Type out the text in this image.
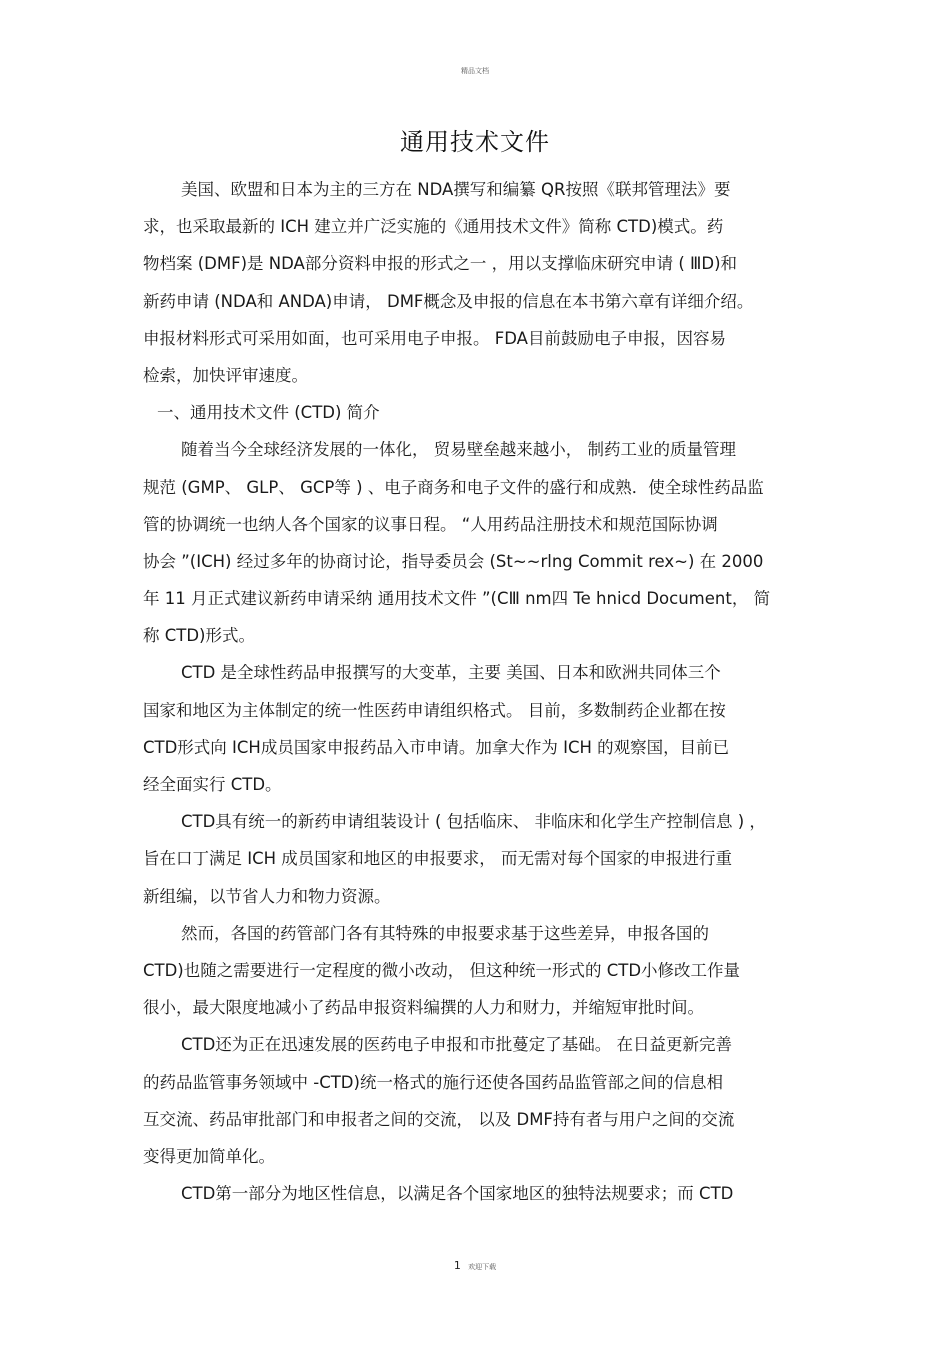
精品文档
通用技术文件
美国、欧盟和日本为主的三方在 NDA撰写和编纂 QR按照《联邦管理法》要
求，也采取最新的 ICH 建立并广泛实施的《通用技术文件》简称 CTD)模式。药
物档案 (DMF)是 NDA部分资料申报的形式之一 ，用以支撑临床研究申请 ( ⅢD)和
新药申请 (NDA和 ANDA)申请， DMF概念及申报的信息在本书第六章有详细介绍。
申报材料形式可采用如面，也可采用电子申报。 FDA目前鼓励电子申报，因容易
检索，加快评审速度。
一、通用技术文件 (CTD) 简介
随着当今全球经济发展的一体化， 贸易壁垒越来越小， 制药工业的质量管理
规范 (GMP、 GLP、 GCP等 ) 、电子商务和电子文件的盛行和成熟．使全球性药品监
管的协调统一也纳人各个国家的议事日程。 “人用药品注册技术和规范国际协调
协会 ”(ICH) 经过多年的协商讨论，指导委员会 (St~~rlng Commit rex~) 在 2000
年 11 月正式建议新药申请采纳 通用技术文件 ”(CⅢ nm四 Te hnicd Document， 简
称 CTD)形式。
CTD 是全球性药品申报撰写的大变革，主要 美国、日本和欧洲共同体三个
国家和地区为主体制定的统一性医药申请组织格式。 目前，多数制药企业都在按
CTD形式向 ICH成员国家申报药品入市申请。加拿大作为 ICH 的观察国，目前已
经全面实行 CTD。
CTD具有统一的新药申请组装设计 ( 包括临床、 非临床和化学生产控制信息 ) ，
旨在口丁满足 ICH 成员国家和地区的申报要求， 而无需对每个国家的申报进行重
新组编，以节省人力和物力资源。
然而，各国的药管部门各有其特殊的申报要求基于这些差异，申报各国的
CTD)也随之需要进行一定程度的微小改动， 但这种统一形式的 CTD小修改工作量
很小，最大限度地减小了药品申报资料编撰的人力和财力，并缩短审批时间。
CTD还为正在迅速发展的医药电子申报和市批蔓定了基础。 在日益更新完善
的药品监管事务领域中 -CTD)统一格式的施行还使各国药品监管部之间的信息相
互交流、药品审批部门和申报者之间的交流， 以及 DMF持有者与用户之间的交流
变得更加简单化。
CTD第一部分为地区性信息，以满足各个国家地区的独特法规要求；而 CTD
1 欢迎下载
